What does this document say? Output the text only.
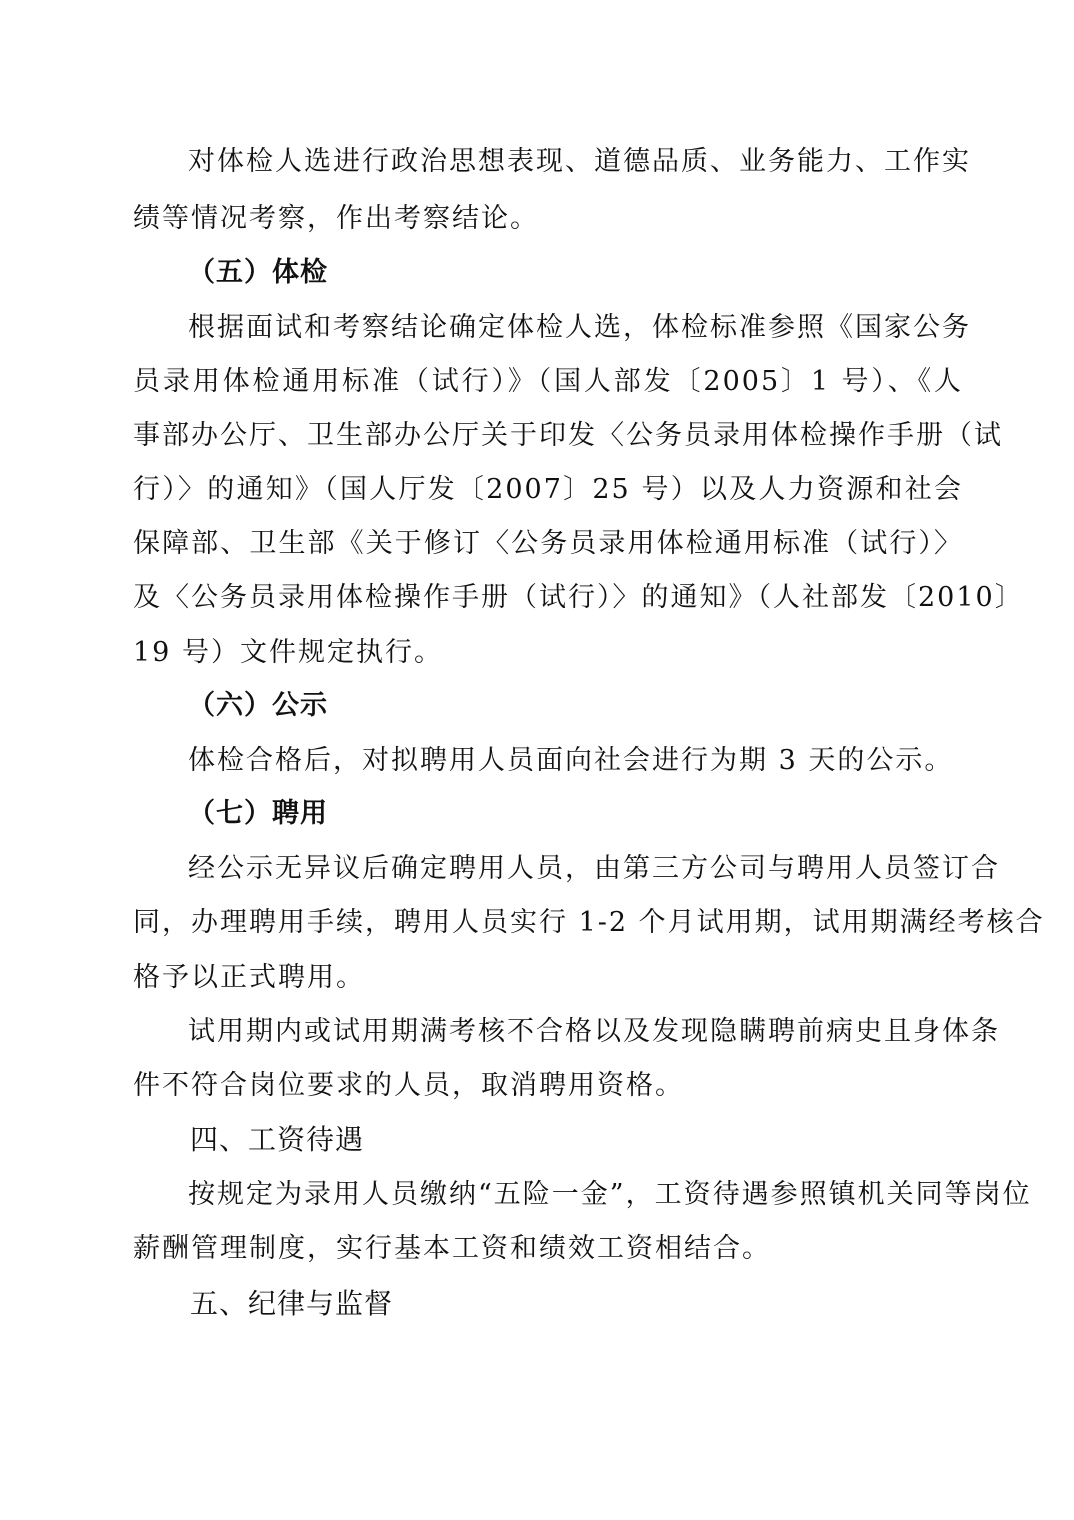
对体检人选进行政治思想表现、道德品质、业务能力、工作实
绩等情况考察，作出考察结论。
（五）体检
根据面试和考察结论确定体检人选，体检标准参照《国家公务
员录用体检通用标准（试行）》（国人部发〔2005〕1 号）、《人
事部办公厅、卫生部办公厅关于印发〈公务员录用体检操作手册（试
行）〉的通知》（国人厅发〔2007〕25 号）以及人力资源和社会
保障部、卫生部《关于修订〈公务员录用体检通用标准（试行）〉
及〈公务员录用体检操作手册（试行）〉的通知》（人社部发〔2010〕
19 号）文件规定执行。
（六）公示
体检合格后，对拟聘用人员面向社会进行为期 3 天的公示。
（七）聘用
经公示无异议后确定聘用人员，由第三方公司与聘用人员签订合
同，办理聘用手续，聘用人员实行 1-2 个月试用期，试用期满经考核合
格予以正式聘用。
试用期内或试用期满考核不合格以及发现隐瞒聘前病史且身体条
件不符合岗位要求的人员，取消聘用资格。
四、工资待遇
按规定为录用人员缴纳“五险一金”，工资待遇参照镇机关同等岗位
薪酬管理制度，实行基本工资和绩效工资相结合。
五、纪律与监督
